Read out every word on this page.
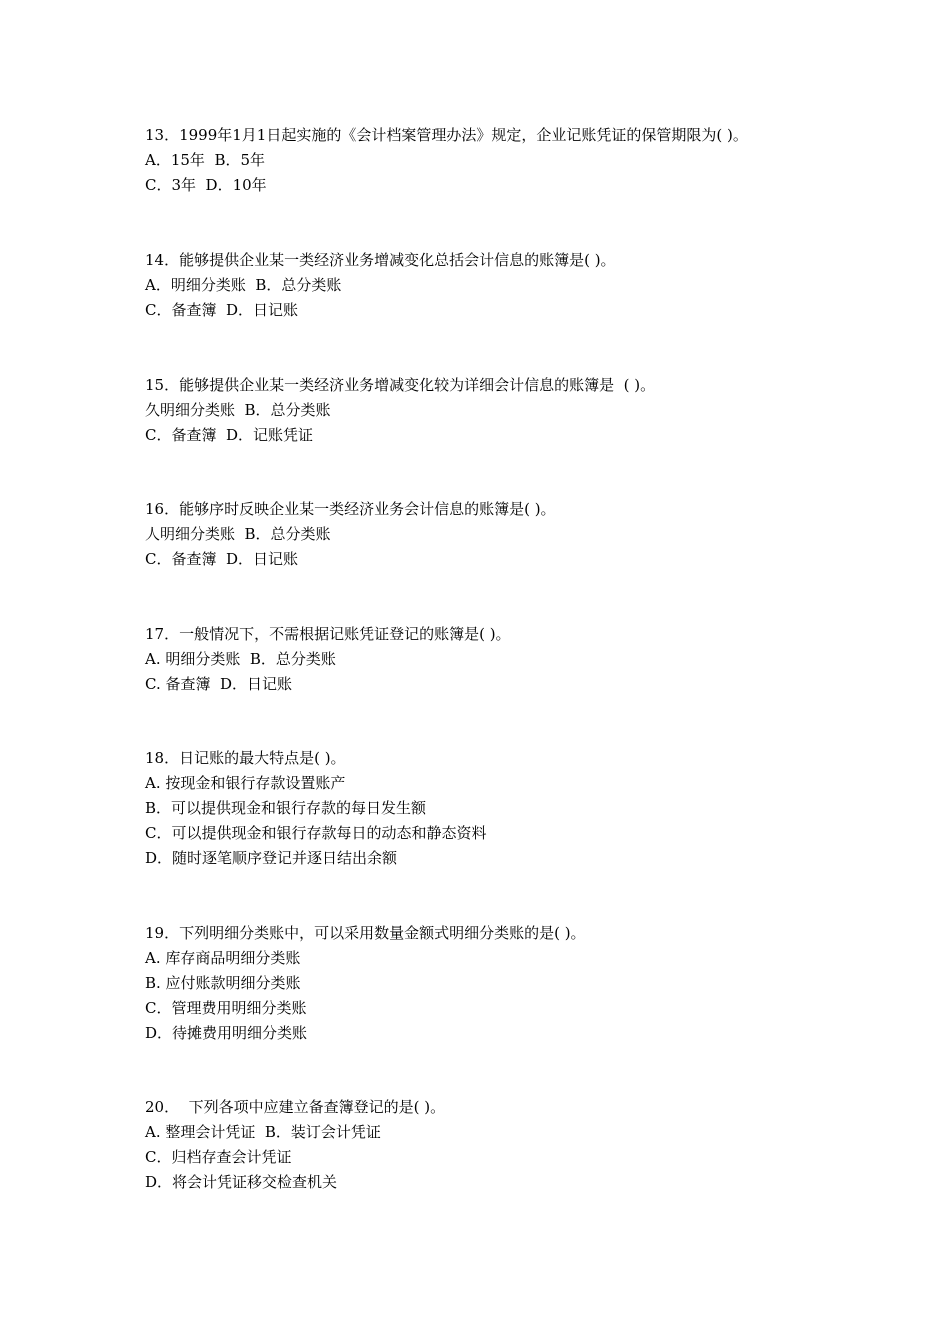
13．1999年1月1日起实施的《会计档案管理办法》规定，企业记账凭证的保管期限为( )。
A．15年  B．5年
C．3年  D．10年
14．能够提供企业某一类经济业务增减变化总括会计信息的账簿是( )。
A．明细分类账  B．总分类账
C．备查簿  D．日记账
15．能够提供企业某一类经济业务增减变化较为详细会计信息的账簿是  ( )。
久明细分类账  B．总分类账
C．备查簿  D．记账凭证
16．能够序时反映企业某一类经济业务会计信息的账簿是( )。
人明细分类账  B．总分类账
C．备查簿  D．日记账
17．一般情况下，不需根据记账凭证登记的账簿是( )。
A. 明细分类账  B．总分类账
C. 备查簿  D．日记账
18．日记账的最大特点是( )。
A. 按现金和银行存款设置账产
B．可以提供现金和银行存款的每日发生额
C．可以提供现金和银行存款每日的动态和静态资料
D．随时逐笔顺序登记并逐日结出余额
19．下列明细分类账中，可以采用数量金额式明细分类账的是( )。
A. 库存商品明细分类账
B. 应付账款明细分类账
C．管理费用明细分类账
D．待摊费用明细分类账
20．  下列各项中应建立备查簿登记的是( )。
A. 整理会计凭证  B．装订会计凭证
C．归档存查会计凭证
D．将会计凭证移交检查机关
